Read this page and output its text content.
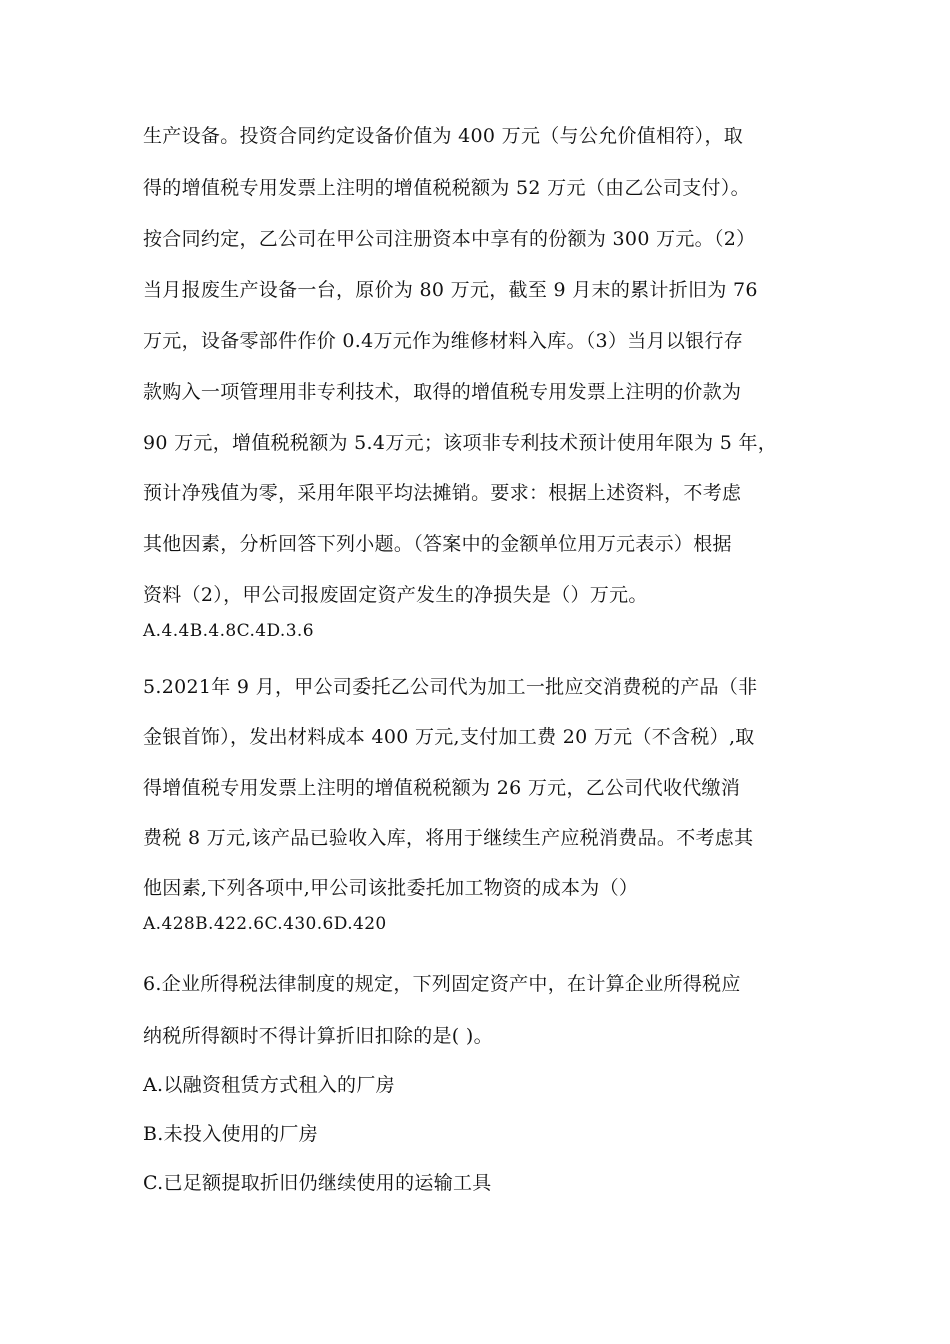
生产设备。投资合同约定设备价值为 400 万元（与公允价值相符），取
得的增值税专用发票上注明的增值税税额为 52 万元（由乙公司支付）。
按合同约定，乙公司在甲公司注册资本中享有的份额为 300 万元。（2）
当月报废生产设备一台，原价为 80 万元，截至 9 月末的累计折旧为 76
万元，设备零部件作价 0.4万元作为维修材料入库。（3）当月以银行存
款购入一项管理用非专利技术，取得的增值税专用发票上注明的价款为
90 万元，增值税税额为 5.4万元；该项非专利技术预计使用年限为 5 年，
预计净残值为零，采用年限平均法摊销。要求：根据上述资料，不考虑
其他因素，分析回答下列小题。（答案中的金额单位用万元表示）根据
资料（2），甲公司报废固定资产发生的净损失是（）万元。
A.4.4B.4.8C.4D.3.6
5.2021年 9 月，甲公司委托乙公司代为加工一批应交消费税的产品（非
金银首饰），发出材料成本 400 万元,支付加工费 20 万元（不含税）,取
得增值税专用发票上注明的增值税税额为 26 万元，乙公司代收代缴消
费税 8 万元,该产品已验收入库，将用于继续生产应税消费品。不考虑其
他因素,下列各项中,甲公司该批委托加工物资的成本为（）
A.428B.422.6C.430.6D.420
6.企业所得税法律制度的规定，下列固定资产中，在计算企业所得税应
纳税所得额时不得计算折旧扣除的是( )。
A.以融资租赁方式租入的厂房
B.未投入使用的厂房
C.已足额提取折旧仍继续使用的运输工具
